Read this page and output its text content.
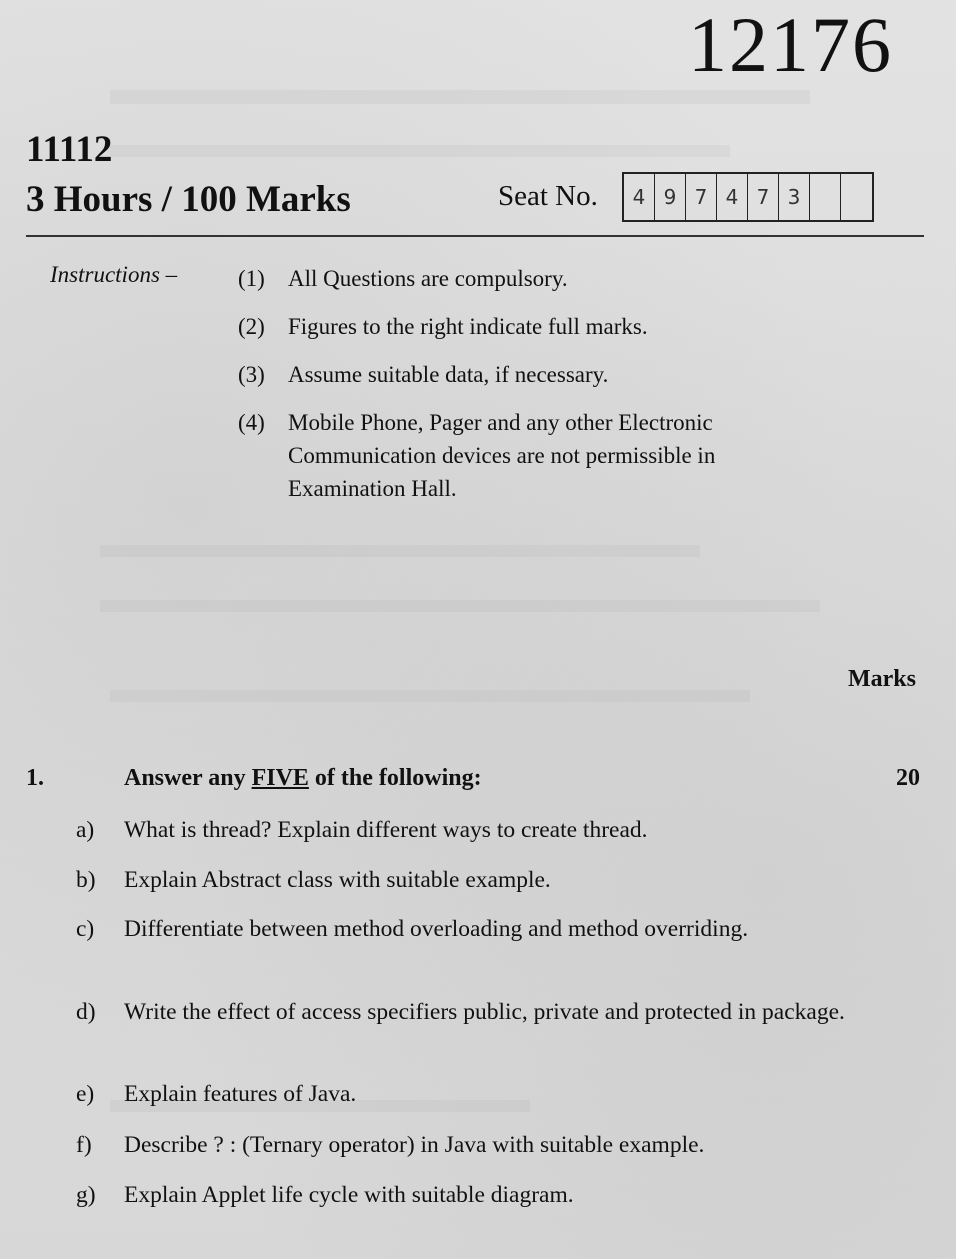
12176
11112
3 Hours / 100 Marks	Seat No.	4 9 7 4 7 3
Instructions –	(1) All Questions are compulsory.
(2) Figures to the right indicate full marks.
(3) Assume suitable data, if necessary.
(4) Mobile Phone, Pager and any other Electronic Communication devices are not permissible in Examination Hall.
Marks
1.	Answer any FIVE of the following:	20
a) What is thread? Explain different ways to create thread.
b) Explain Abstract class with suitable example.
c) Differentiate between method overloading and method overriding.
d) Write the effect of access specifiers public, private and protected in package.
e) Explain features of Java.
f) Describe ? : (Ternary operator) in Java with suitable example.
g) Explain Applet life cycle with suitable diagram.
